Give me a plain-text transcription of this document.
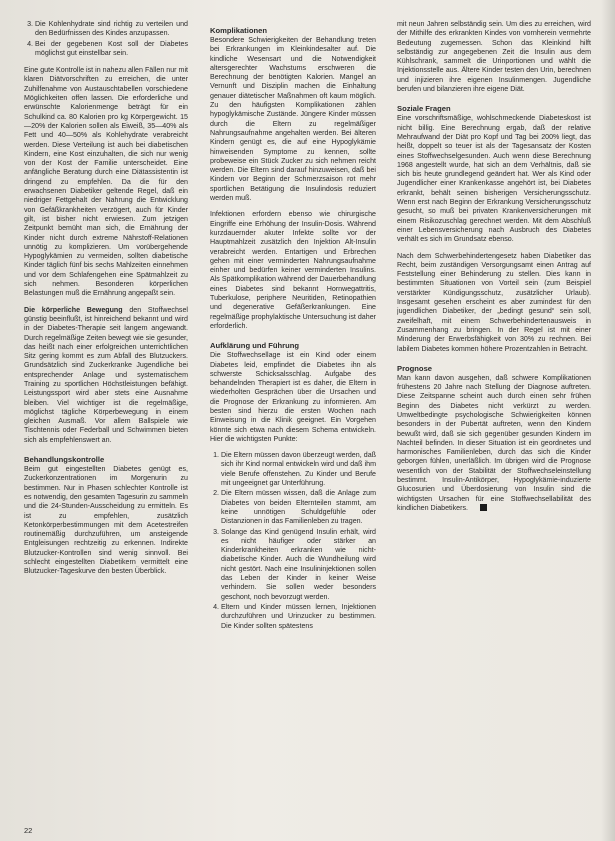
3. Die Kohlenhydrate sind richtig zu verteilen und den Bedürfnissen des Kindes anzupassen.
4. Bei der gegebenen Kost soll der Diabetes möglichst gut einstellbar sein.

Eine gute Kontrolle ist in nahezu allen Fällen nur mit klaren Diätvorschriften zu erreichen, die unter Zuhilfenahme von Austauschtabellen vorschiedene Möglichkeiten offen lassen. Die erforderliche und erwünschte Kalorienmenge beträgt für ein Schulkind ca. 80 Kalorien pro kg Körpergewicht. 15—20% der Kalorien sollen als Eiweiß, 35—40% als Fett und 40—50% als Kohlehydrate verabreicht werden. Diese Verteilung ist auch bei diabetischen Kindern, eine Kost einzuhalten, die sich nur wenig von der Kost der Familie unterscheidet. Eine anfängliche Beratung durch eine Diätassistentin ist dringend zu empfehlen. Da die für den erwachsenen Diabetiker geltende Regel, daß ein niedriger Fettgehalt der Nahrung die Entwicklung von Gefäßkrankheiten verzögert, auch für Kinder gilt, ist bisher nicht erwiesen. Zum jetzigen Zeitpunkt bemüht man sich, die Ernährung der Kinder nicht durch extreme Nährstoff-Relationen unnötig zu komplizieren. Um vorübergehende Hypoglykämien zu vermeiden, sollten diabetische Kinder täglich fünf bis sechs Mahlzeiten einnehmen und vor dem Schlafengehen eine Spätmahlzeit zu sich nehmen. Besonderen körperlichen Belastungen muß die Ernährung angepaßt sein.

Die körperliche Bewegung den Stoffwechsel günstig beeinflußt, ist hinreichend bekannt und wird in der Diabetes-Therapie seit langem angewandt. Durch regelmäßige Zeiten bewegt wie sie gesunder, das heißt nach einer erfolgreichen unterrichtlichen Sitz gering kommt es zum Abfall des Blutzuckers. Grundsätzlich sind Zuckerkranke Jugendliche bei entsprechender Anlage und systematischem Training zu sportlichen Höchstleistungen befähigt. Leistungssport wird aber stets eine Ausnahme bleiben. Viel wichtiger ist die regelmäßige, möglichst tägliche Körperbewegung in einem gleichen Ausmaß. Vor allem Ballspiele wie Tischtennis oder Federball und Schwimmen bieten sich als empfehlenswert an.

Behandlungskontrolle

Beim gut eingestellten Diabetes genügt es, Zuckerkonzentrationen im Morgenurin zu bestimmen. Nur in Phasen schlechter Kontrolle ist es notwendig, den gesamten Tagesurin zu sammeln und die 24-Stunden-Ausscheidung zu ermitteln. Es ist zu empfehlen, zusätzlich Ketonkörperbestimmungen mit dem Acetestreifen routinemäßig durchzuführen, um ansteigende Entgleisungen rechtzeitig zu erkennen. Indirekte Blutzucker-Kontrollen sind wenig sinnvoll. Bei schlecht eingestellten Diabetikern vermittelt eine Blutzucker-Tageskurve den besten Überblick.

Komplikationen

Besondere Schwierigkeiten der Behandlung treten bei Erkrankungen im Kleinkindesalter auf. Die kindliche Wesensart und die Notwendigkeit altersgerechter Wachstums erschweren die Berechnung der benötigten Kalorien. Mangel an Vernunft und Disziplin machen die Einhaltung genauer diätetischer Maßnahmen oft kaum möglich. Zu den häufigsten Komplikationen zählen hypoglykämische Zustände. Jüngere Kinder müssen durch die Eltern zu regelmäßiger Nahrungsaufnahme angehalten werden. Bei älteren Kindern genügt es, die auf eine Hypoglykämie hinweisenden Symptome zu kennen, sollte probeweise ein Stück Zucker zu sich nehmen reicht werden. Die Eltern sind darauf hinzuweisen, daß bei Kindern vor Beginn der Schmerzsaison rot mehr sportlichen Betätigung die Insulindosis reduziert werden muß.

Infektionen erfordern ebenso wie chirurgische Eingriffe eine Erhöhung der Insulin-Dosis. Während kurzdauernder akuter Infekte sollte vor der Hauptmahlzeit zusätzlich den Injektion Alt-Insulin verabreicht werden. Entartigen und Erbrechen gehen mit einer verminderten Nahrungsaufnahme einher und bedürfen keiner verminderten Insulins. Als Spätkomplikation während der Dauerbehandlung eines Diabetes sind bekannt Hornwegattritis, Tuberkulose, periphere Neuritiden, Retinopathien und degenerative Gefäßerkrankungen. Eine regelmäßige prophylaktische Untersuchung ist daher erforderlich.

Aufklärung und Führung

Die Stoffwechsellage ist ein Kind oder einem Diabetes leid, empfindet die Diabetes ihn als schwerste Schicksalsschlag. Aufgabe des behandelnden Therapiert ist es daher, die Eltern in wiederholten Gesprächen über die Ursachen und die Prognose der Erkrankung zu informieren. Am besten sind hierzu die ersten Wochen nach Einweisung in die Klinik geeignet. Ein Vorgehen könnte sich etwa nach diesem Schema entwickeln. Hier die wichtigsten Punkte:

1. Die Eltern müssen davon überzeugt werden, daß sich ihr Kind normal entwickeln wird und daß ihm viele Berufe offenstehen. Zu Kinder und Berufe mit ungeeignet gar Unterführung.
2. Die Eltern müssen wissen, daß die Anlage zum Diabetes von beiden Elternteilen stammt, am keine unnötigen Schuldgefühle oder Distanzionen in das Familienleben zu tragen.
3. Solange das Kind genügend Insulin erhält, wird es nicht häufiger oder stärker an Kinderkrankheiten erkranken wie nicht-diabetische Kinder. Auch die Wundheilung wird nicht gestört. Nach eine Insulininjektionen sollen das Leben der Kinder in keiner Weise verhindern. Sie sollen weder besonders geschont, noch bevorzugt werden.
4. Eltern und Kinder müssen lernen, Injektionen durchzuführen und Urinzucker zu bestimmen. Die Kinder sollten spätestens

mit neun Jahren selbständig sein. Um dies zu erreichen, wird der Mithilfe des erkrankten Kindes von vornherein vermehrte Bedeutung zugemessen. Schon das Kleinkind hilft selbständig zur angegebenen Zeit die Insulin aus dem Kühlschrank, sammelt die Urinportionen und wählt die Injektionsstelle aus. Ältere Kinder testen den Urin, berechnen und injizieren ihre eigenen Insulinmengen. Jugendliche berufen und bilanzieren ihre eigene Diät.

Soziale Fragen

Eine vorschriftsmäßige, wohlschmeckende Diabeteskost ist nicht billig. Eine Berechnung ergab, daß der relative Mehraufwand der Diät pro Kopf und Tag bei 200% liegt, das heißt, doppelt so teuer ist als der Tagesansatz der Kosten eines Stoffwechselgesunden. Auch wenn diese Berechnung 1968 angestellt wurde, hat sich an dem Verhältnis, daß sie sich bis heute grundlegend geändert hat. Wer als Kind oder Jugendlicher einer Krankenkasse angehört ist, bei Diabetes erkrankt, behält seinen bisherigen Versicherungsschutz. Wenn erst nach Beginn der Erkrankung Versicherungsschutz gesucht, so muß bei privaten Krankenversicherungen mit einem Risikozuschlag gerechnet werden. Mit dem Abschluß einer Lebensversicherung nach Ausbruch des Diabetes verhält es sich im Grundsatz ebenso.

Nach dem Schwerbehindertengesetz haben Diabetiker das Recht, beim zuständigen Versorgungsamt einen Antrag auf Feststellung einer Behinderung zu stellen. Dies kann in bestimmten Situationen von Vorteil sein (zum Beispiel verstärkter Kündigungsschutz, zusätzlicher Urlaub). Insgesamt gesehen erscheint es aber zumindest für den jugendlichen Diabetiker, der „bedingt gesund“ sein soll, zweifelhaft, mit einem Schwerbehindertenausweis in Zusammenhang zu bringen. In der Regel ist mit einer Minderung der Erwerbsfähigkeit von 30% zu rechnen. Bei labilem Diabetes kommen höhere Prozentzahlen in Betracht.

Prognose

Man kann davon ausgehen, daß schwere Komplikationen frühestens 20 Jahre nach Stellung der Diagnose auftreten. Diese Zeitspanne scheint auch durch einen sehr frühen Beginn des Diabetes nicht verkürzt zu werden. Umweltbedingte psychologische Schwierigkeiten können besonders in der Pubertät auftreten, wenn den Kindern bewußt wird, daß sie sich gegenüber gesunden Kindern im Nachteil befinden. In dieser Situation ist ein geordnetes und harmonisches Familienleben, durch das sich die Kinder geborgen fühlen, unerläßlich. Im übrigen wird die Prognose wesentlich von der Stabilität der Stoffwechseleinstellung bestimmt. Insulin-Antikörper, Hypoglykämie-induzierte Glucosurien und Überdosierung von Insulin sind die wichtigsten Ursachen für eine Stoffwechsellabilität des kindlichen Diabetikers.

22
